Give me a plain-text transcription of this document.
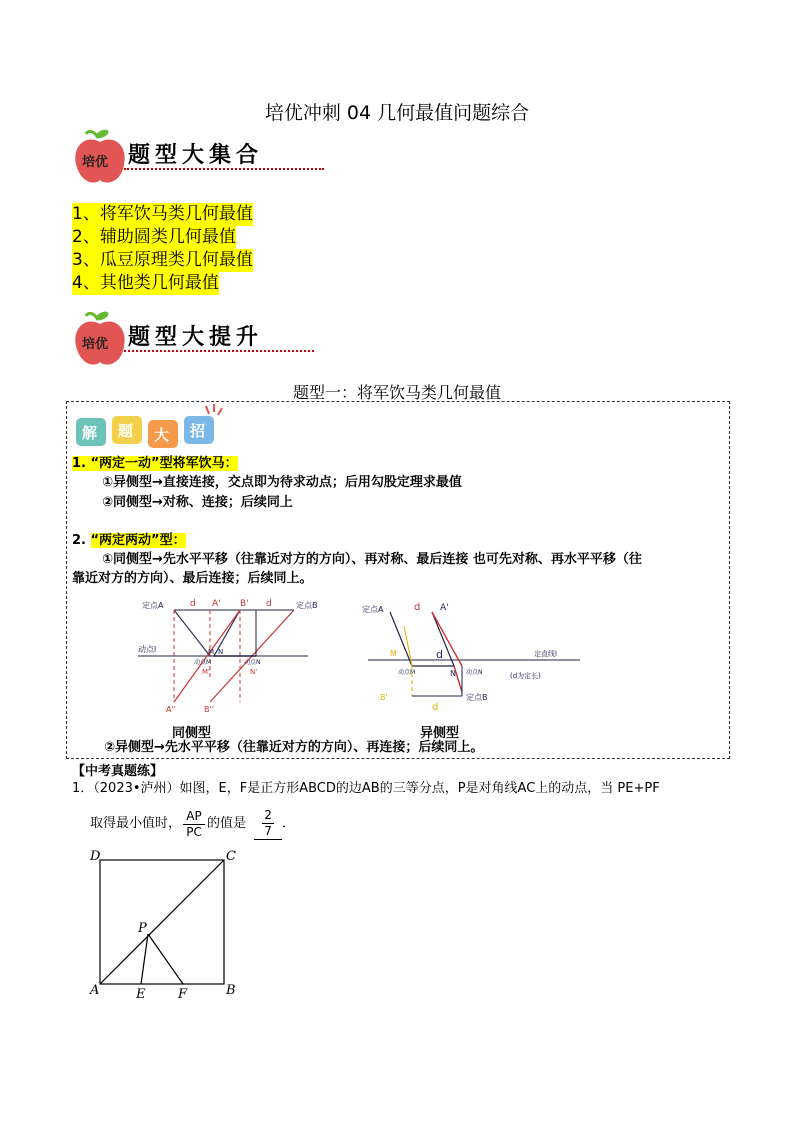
培优冲刺 04 几何最值问题综合
培优 题型大集合
1、将军饮马类几何最值
2、辅助圆类几何最值
3、瓜豆原理类几何最值
4、其他类几何最值
培优 题型大提升
题型一：将军饮马类几何最值
解 题 大 招
1. “两定一动”型将军饮马：
①异侧型→直接连接，交点即为待求动点；后用勾股定理求最值
②同侧型→对称、连接；后续同上
2. “两定两动”型：
①同侧型→先水平平移（往靠近对方的方向）、再对称、最后连接 也可先对称、再水平平移（往
靠近对方的方向）、最后连接；后续同上。
定点A	A' B'	定点B
d	d
动点l	M N
动点M	动点N
M'	N'
A''	B''
同侧型
定点A	A'
d
M
N
d
动点M	动点N
定直线l
(d为定长)
B'
d
定点B
异侧型
②异侧型→先水平平移（往靠近对方的方向）、再连接；后续同上。
【中考真题练】
1．（2023•泸州）如图，E，F是正方形ABCD的边AB的三等分点，P是对角线AC上的动点，当 PE+PF
取得最小值时，
AP
PC
的值是
2
7 ．
D	C
A	B
P
E	F
